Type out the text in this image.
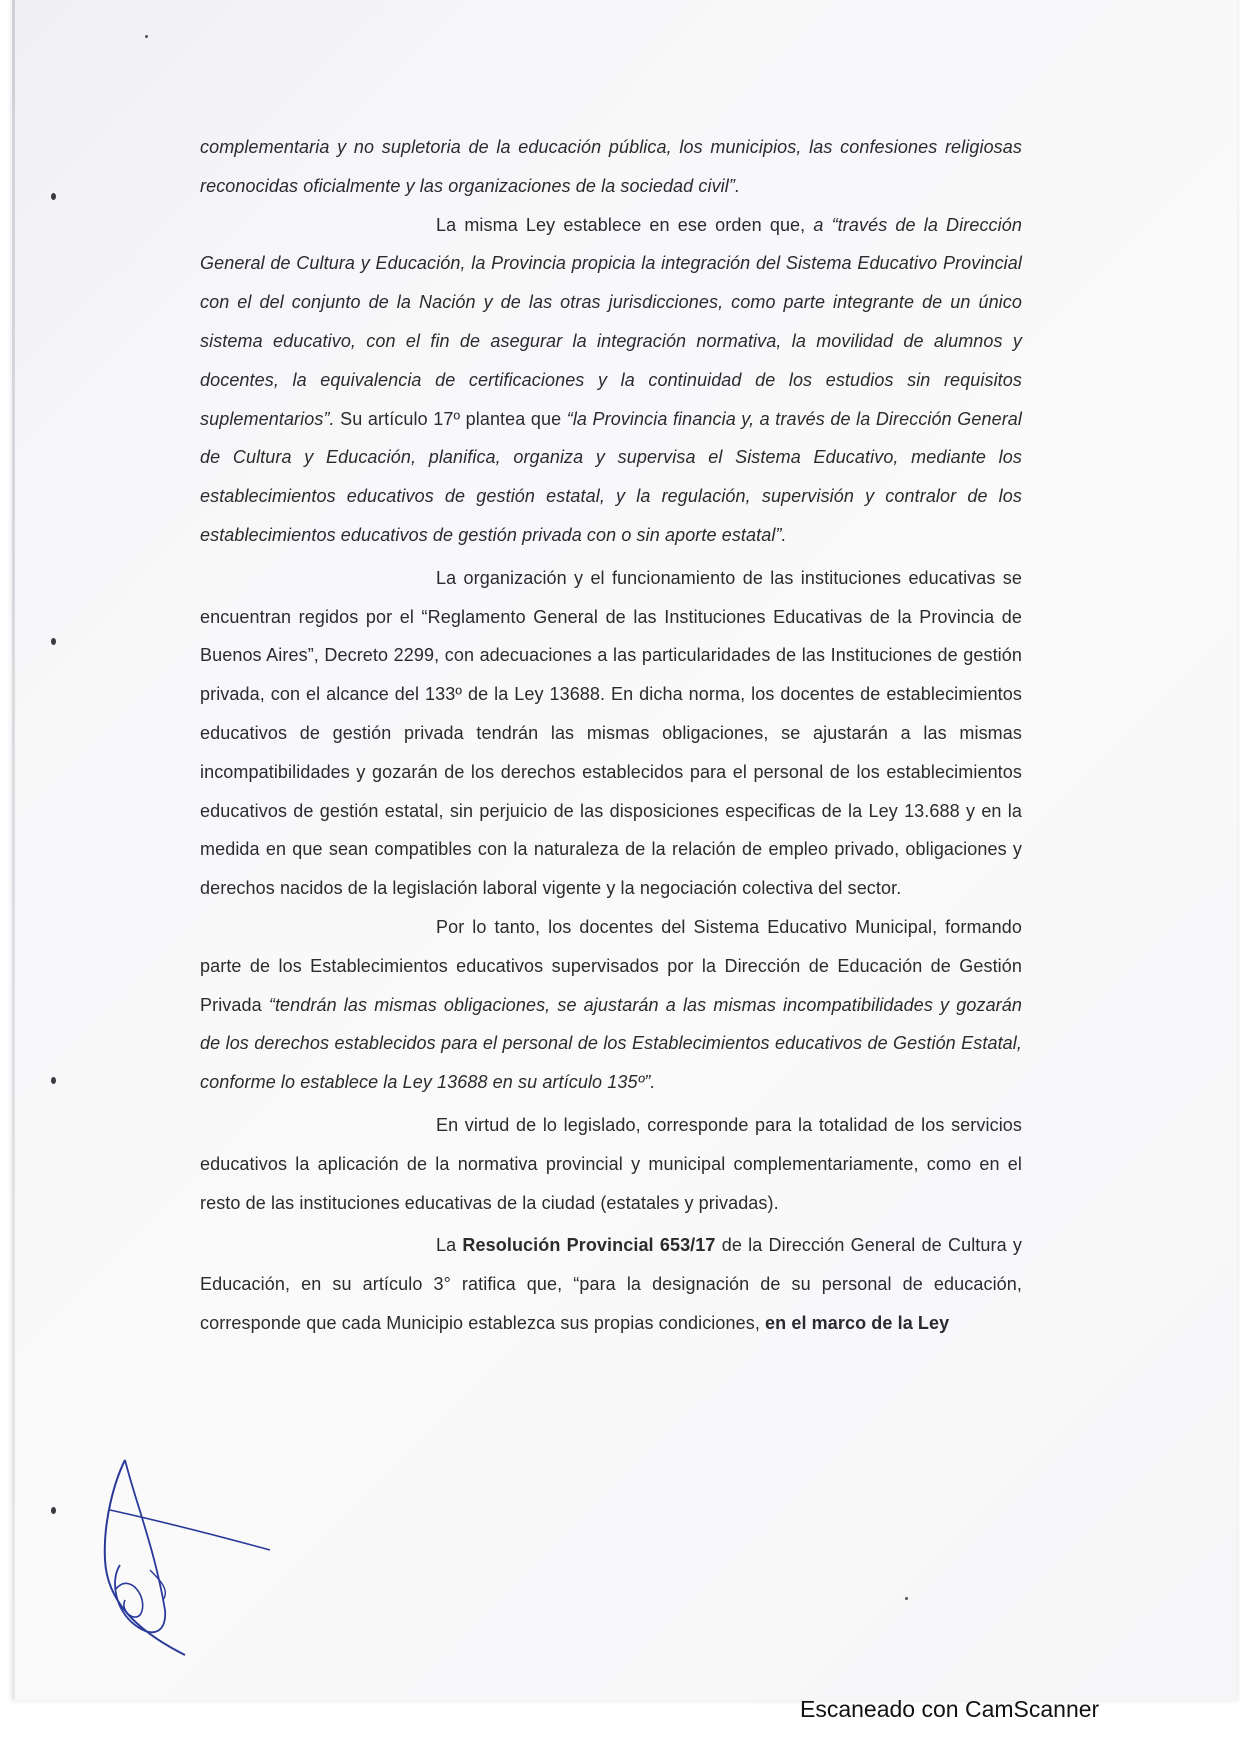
complementaria y no supletoria de la educación pública, los municipios, las confesiones religiosas reconocidas oficialmente y las organizaciones de la sociedad civil”.

La misma Ley establece en ese orden que, a “través de la Dirección General de Cultura y Educación, la Provincia propicia la integración del Sistema Educativo Provincial con el del conjunto de la Nación y de las otras jurisdicciones, como parte integrante de un único sistema educativo, con el fin de asegurar la integración normativa, la movilidad de alumnos y docentes, la equivalencia de certificaciones y la continuidad de los estudios sin requisitos suplementarios”. Su artículo 17º plantea que “la Provincia financia y, a través de la Dirección General de Cultura y Educación, planifica, organiza y supervisa el Sistema Educativo, mediante los establecimientos educativos de gestión estatal, y la regulación, supervisión y contralor de los establecimientos educativos de gestión privada con o sin aporte estatal”.

La organización y el funcionamiento de las instituciones educativas se encuentran regidos por el “Reglamento General de las Instituciones Educativas de la Provincia de Buenos Aires”, Decreto 2299, con adecuaciones a las particularidades de las Instituciones de gestión privada, con el alcance del 133º de la Ley 13688. En dicha norma, los docentes de establecimientos educativos de gestión privada tendrán las mismas obligaciones, se ajustarán a las mismas incompatibilidades y gozarán de los derechos establecidos para el personal de los establecimientos educativos de gestión estatal, sin perjuicio de las disposiciones especificas de la Ley 13.688 y en la medida en que sean compatibles con la naturaleza de la relación de empleo privado, obligaciones y derechos nacidos de la legislación laboral vigente y la negociación colectiva del sector.

Por lo tanto, los docentes del Sistema Educativo Municipal, formando parte de los Establecimientos educativos supervisados por la Dirección de Educación de Gestión Privada “tendrán las mismas obligaciones, se ajustarán a las mismas incompatibilidades y gozarán de los derechos establecidos para el personal de los Establecimientos educativos de Gestión Estatal, conforme lo establece la Ley 13688 en su artículo 135º”.

En virtud de lo legislado, corresponde para la totalidad de los servicios educativos la aplicación de la normativa provincial y municipal complementariamente, como en el resto de las instituciones educativas de la ciudad (estatales y privadas).

La Resolución Provincial 653/17 de la Dirección General de Cultura y Educación, en su artículo 3° ratifica que, “para la designación de su personal de educación, corresponde que cada Municipio establezca sus propias condiciones, en el marco de la Ley

Escaneado con CamScanner
